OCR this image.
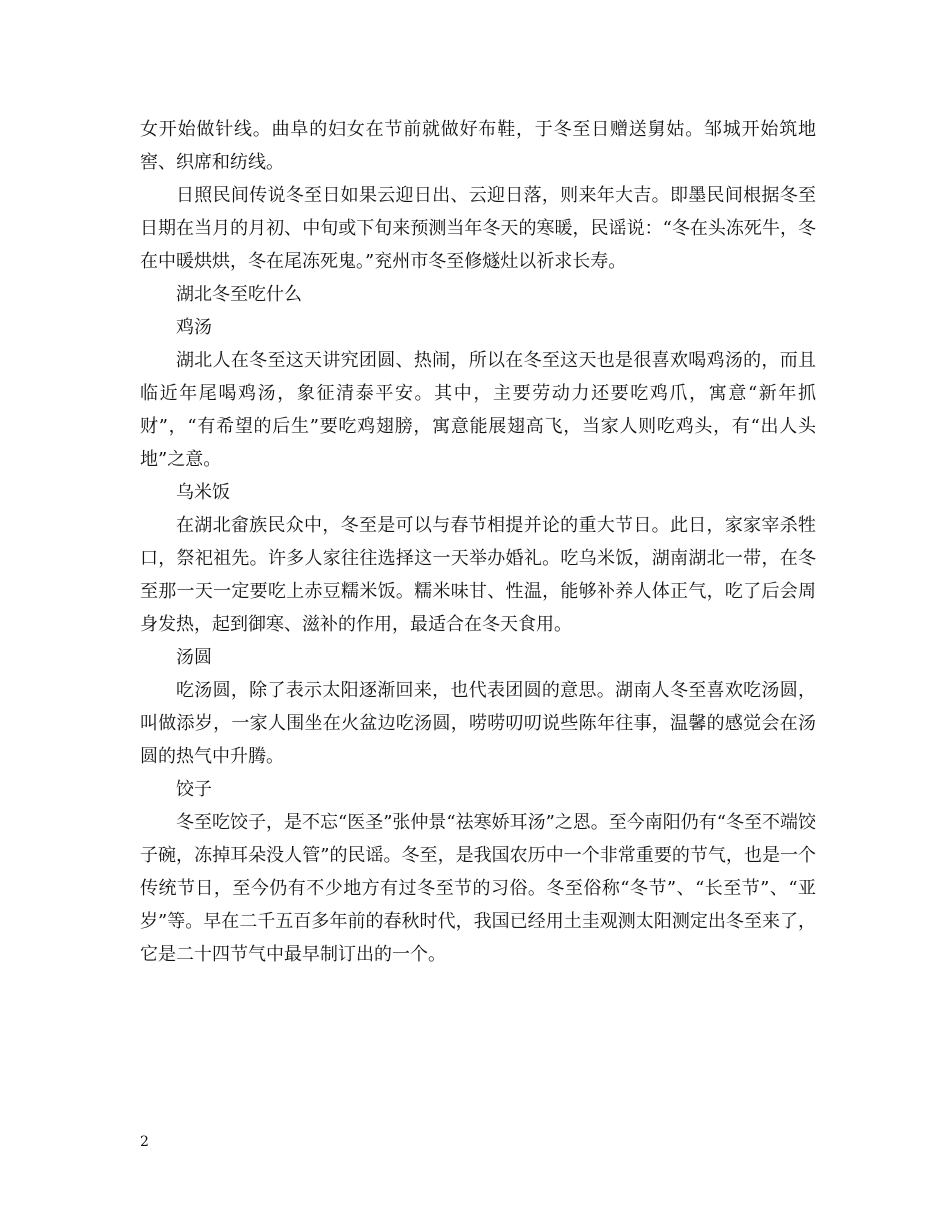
女开始做针线。曲阜的妇女在节前就做好布鞋，于冬至日赠送舅姑。邹城开始筑地窖、织席和纺线。

日照民间传说冬至日如果云迎日出、云迎日落，则来年大吉。即墨民间根据冬至日期在当月的月初、中旬或下旬来预测当年冬天的寒暖，民谣说：“冬在头冻死牛，冬在中暖烘烘，冬在尾冻死鬼。”兖州市冬至修燧灶以祈求长寿。

湖北冬至吃什么

鸡汤

湖北人在冬至这天讲究团圆、热闹，所以在冬至这天也是很喜欢喝鸡汤的，而且临近年尾喝鸡汤，象征清泰平安。其中，主要劳动力还要吃鸡爪，寓意“新年抓财”，“有希望的后生”要吃鸡翅膀，寓意能展翅高飞，当家人则吃鸡头，有“出人头地”之意。

乌米饭

在湖北畲族民众中，冬至是可以与春节相提并论的重大节日。此日，家家宰杀牲口，祭祀祖先。许多人家往往选择这一天举办婚礼。吃乌米饭，湖南湖北一带，在冬至那一天一定要吃上赤豆糯米饭。糯米味甘、性温，能够补养人体正气，吃了后会周身发热，起到御寒、滋补的作用，最适合在冬天食用。

汤圆

吃汤圆，除了表示太阳逐渐回来，也代表团圆的意思。湖南人冬至喜欢吃汤圆，叫做添岁，一家人围坐在火盆边吃汤圆，唠唠叨叨说些陈年往事，温馨的感觉会在汤圆的热气中升腾。

饺子

冬至吃饺子，是不忘“医圣”张仲景“祛寒娇耳汤”之恩。至今南阳仍有“冬至不端饺子碗，冻掉耳朵没人管”的民谣。冬至，是我国农历中一个非常重要的节气，也是一个传统节日，至今仍有不少地方有过冬至节的习俗。冬至俗称“冬节”、“长至节”、“亚岁”等。早在二千五百多年前的春秋时代，我国已经用土圭观测太阳测定出冬至来了，它是二十四节气中最早制订出的一个。

2
